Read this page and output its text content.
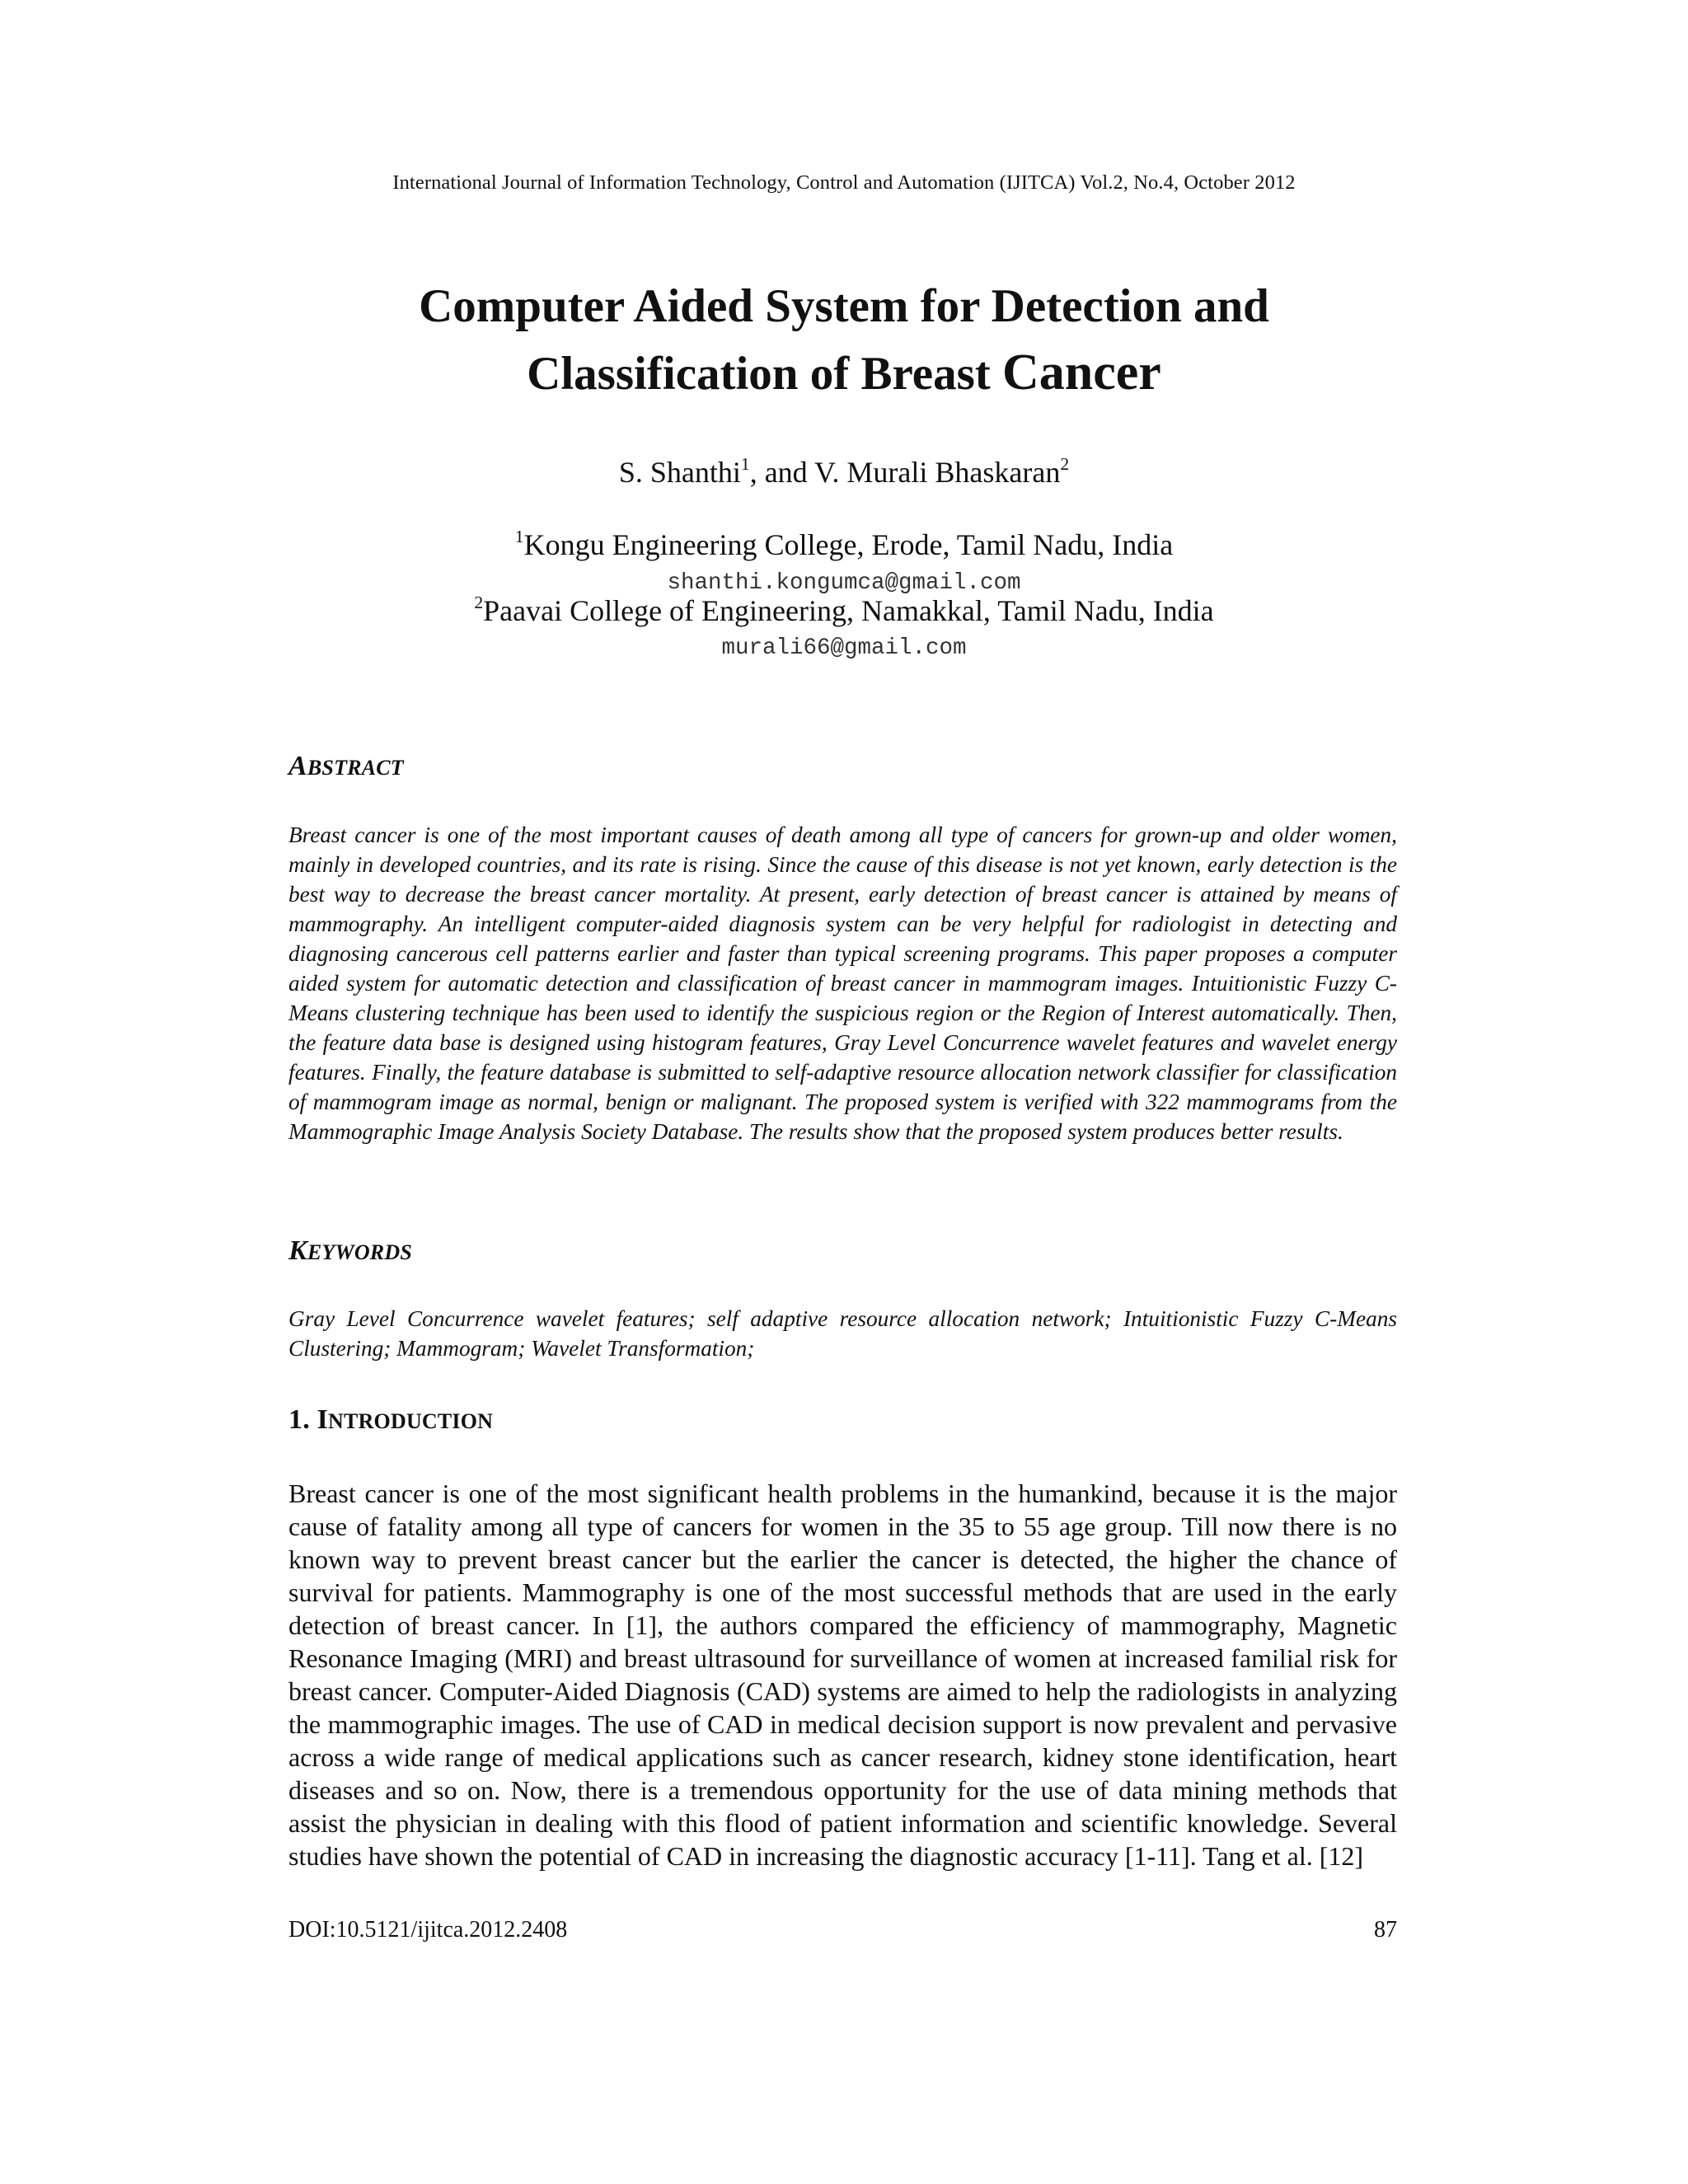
International Journal of Information Technology, Control and Automation (IJITCA) Vol.2, No.4, October 2012
Computer Aided System for Detection and
Classification of Breast Cancer
S. Shanthi$^1$, and V. Murali Bhaskaran$^2$
$^1$Kongu Engineering College, Erode, Tamil Nadu, India
shanthi.kongumca@gmail.com
$^2$Paavai College of Engineering, Namakkal, Tamil Nadu, India
murali66@gmail.com
ABSTRACT
Breast cancer is one of the most important causes of death among all type of cancers for grown-up and older women, mainly in developed countries, and its rate is rising. Since the cause of this disease is not yet known, early detection is the best way to decrease the breast cancer mortality. At present, early detection of breast cancer is attained by means of mammography. An intelligent computer-aided diagnosis system can be very helpful for radiologist in detecting and diagnosing cancerous cell patterns earlier and faster than typical screening programs. This paper proposes a computer aided system for automatic detection and classification of breast cancer in mammogram images. Intuitionistic Fuzzy C-Means clustering technique has been used to identify the suspicious region or the Region of Interest automatically. Then, the feature data base is designed using histogram features, Gray Level Concurrence wavelet features and wavelet energy features. Finally, the feature database is submitted to self-adaptive resource allocation network classifier for classification of mammogram image as normal, benign or malignant. The proposed system is verified with 322 mammograms from the Mammographic Image Analysis Society Database. The results show that the proposed system produces better results.
KEYWORDS
Gray Level Concurrence wavelet features; self adaptive resource allocation network; Intuitionistic Fuzzy C-Means Clustering; Mammogram; Wavelet Transformation;
1. INTRODUCTION
Breast cancer is one of the most significant health problems in the humankind, because it is the major cause of fatality among all type of cancers for women in the 35 to 55 age group. Till now there is no known way to prevent breast cancer but the earlier the cancer is detected, the higher the chance of survival for patients. Mammography is one of the most successful methods that are used in the early detection of breast cancer. In [1], the authors compared the efficiency of mammography, Magnetic Resonance Imaging (MRI) and breast ultrasound for surveillance of women at increased familial risk for breast cancer. Computer-Aided Diagnosis (CAD) systems are aimed to help the radiologists in analyzing the mammographic images. The use of CAD in medical decision support is now prevalent and pervasive across a wide range of medical applications such as cancer research, kidney stone identification, heart diseases and so on. Now, there is a tremendous opportunity for the use of data mining methods that assist the physician in dealing with this flood of patient information and scientific knowledge. Several studies have shown the potential of CAD in increasing the diagnostic accuracy [1-11]. Tang et al. [12]
DOI:10.5121/ijitca.2012.2408	87
